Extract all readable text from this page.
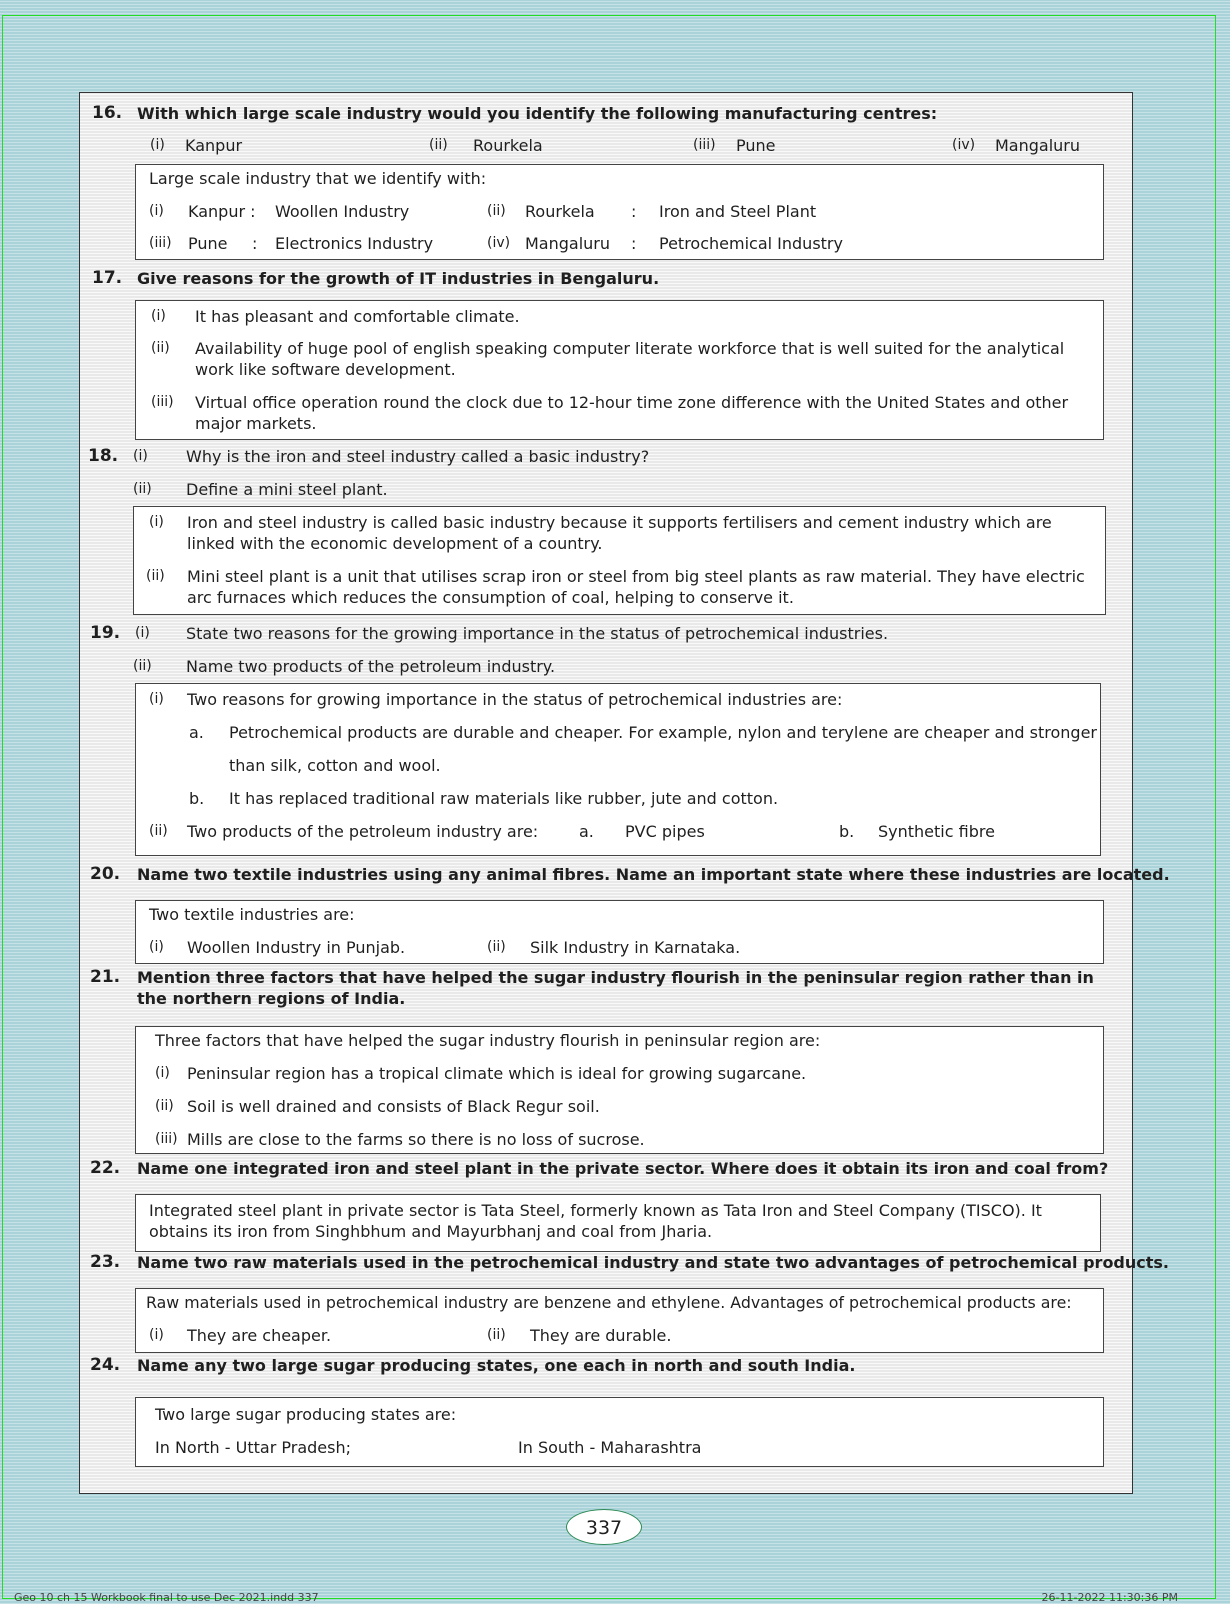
16. With which large scale industry would you identify the following manufacturing centres:
(i) Kanpur	(ii) Rourkela	(iii) Pune	(iv) Mangaluru
Large scale industry that we identify with:
(i) Kanpur : Woollen Industry	(ii) Rourkela : Iron and Steel Plant
(iii) Pune : Electronics Industry	(iv) Mangaluru : Petrochemical Industry
17. Give reasons for the growth of IT industries in Bengaluru.
(i) It has pleasant and comfortable climate.
(ii) Availability of huge pool of english speaking computer literate workforce that is well suited for the analytical work like software development.
(iii) Virtual office operation round the clock due to 12-hour time zone difference with the United States and other major markets.
18. (i) Why is the iron and steel industry called a basic industry?
(ii) Define a mini steel plant.
(i) Iron and steel industry is called basic industry because it supports fertilisers and cement industry which are linked with the economic development of a country.
(ii) Mini steel plant is a unit that utilises scrap iron or steel from big steel plants as raw material. They have electric arc furnaces which reduces the consumption of coal, helping to conserve it.
19. (i) State two reasons for the growing importance in the status of petrochemical industries.
(ii) Name two products of the petroleum industry.
(i) Two reasons for growing importance in the status of petrochemical industries are:
a. Petrochemical products are durable and cheaper. For example, nylon and terylene are cheaper and stronger
than silk, cotton and wool.
b. It has replaced traditional raw materials like rubber, jute and cotton.
(ii) Two products of the petroleum industry are:	a. PVC pipes	b. Synthetic fibre
20. Name two textile industries using any animal fibres. Name an important state where these industries are located.
Two textile industries are:
(i) Woollen Industry in Punjab.	(ii) Silk Industry in Karnataka.
21. Mention three factors that have helped the sugar industry flourish in the peninsular region rather than in the northern regions of India.
Three factors that have helped the sugar industry flourish in peninsular region are:
(i) Peninsular region has a tropical climate which is ideal for growing sugarcane.
(ii) Soil is well drained and consists of Black Regur soil.
(iii) Mills are close to the farms so there is no loss of sucrose.
22. Name one integrated iron and steel plant in the private sector. Where does it obtain its iron and coal from?
Integrated steel plant in private sector is Tata Steel, formerly known as Tata Iron and Steel Company (TISCO). It obtains its iron from Singhbhum and Mayurbhanj and coal from Jharia.
23. Name two raw materials used in the petrochemical industry and state two advantages of petrochemical products.
Raw materials used in petrochemical industry are benzene and ethylene. Advantages of petrochemical products are:
(i) They are cheaper.	(ii) They are durable.
24. Name any two large sugar producing states, one each in north and south India.
Two large sugar producing states are:
In North - Uttar Pradesh;	In South - Maharashtra
337
Geo 10 ch 15 Workbook final to use Dec 2021.indd 337	26-11-2022 11:30:36 PM
